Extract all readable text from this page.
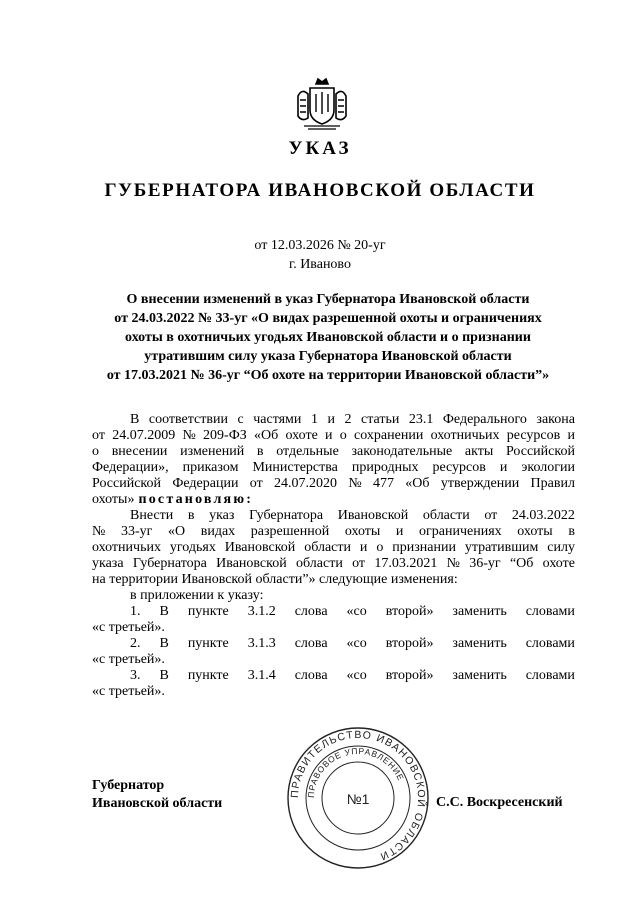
УКАЗ
ГУБЕРНАТОРА ИВАНОВСКОЙ ОБЛАСТИ
от 12.03.2026 № 20-уг
г. Иваново
О внесении изменений в указ Губернатора Ивановской области
от 24.03.2022 № 33-уг «О видах разрешенной охоты и ограничениях
охоты в охотничьих угодьях Ивановской области и о признании
утратившим силу указа Губернатора Ивановской области
от 17.03.2021 № 36-уг “Об охоте на территории Ивановской области”»
В соответствии с частями 1 и 2 статьи 23.1 Федерального закона
от 24.07.2009 № 209-ФЗ «Об охоте и о сохранении охотничьих ресурсов и
о внесении изменений в отдельные законодательные акты Российской
Федерации», приказом Министерства природных ресурсов и экологии
Российской Федерации от 24.07.2020 № 477 «Об утверждении Правил
охоты» постановляю:
Внести в указ Губернатора Ивановской области от 24.03.2022
№ 33-уг «О видах разрешенной охоты и ограничениях охоты в
охотничьих угодьях Ивановской области и о признании утратившим силу
указа Губернатора Ивановской области от 17.03.2021 № 36-уг “Об охоте
на территории Ивановской области”» следующие изменения:
в приложении к указу:
1. В пункте 3.1.2 слова «со второй» заменить словами
«с третьей».
2. В пункте 3.1.3 слова «со второй» заменить словами
«с третьей».
3. В пункте 3.1.4 слова «со второй» заменить словами
«с третьей».
ПРАВИТЕЛЬСТВО ИВАНОВСКОЙ ОБЛАСТИ
ПРАВОВОЕ УПРАВЛЕНИЕ
№1
Губернатор
Ивановской области	С.С. Воскресенский
